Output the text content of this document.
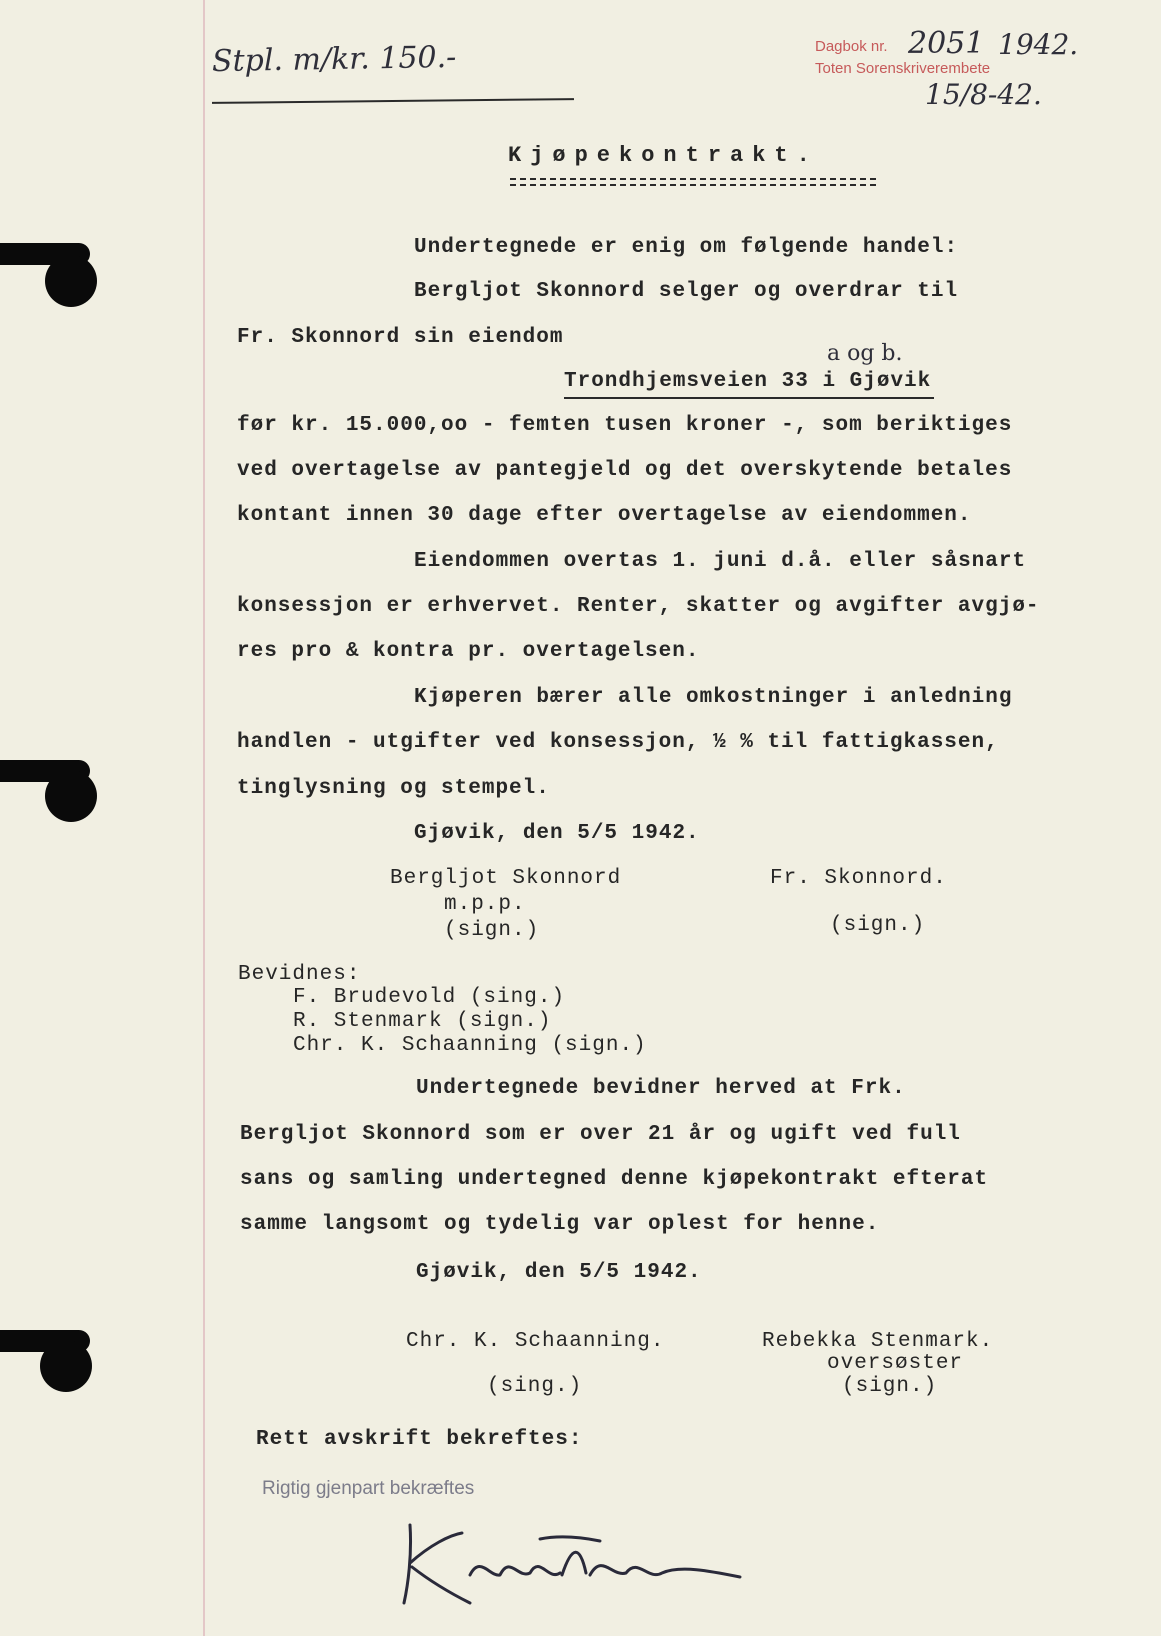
Stpl. m/kr. 150.-	Dagbok nr. 2051 1942.
Toten Sorenskriverembete
15/8-42.
Kjøpekontrakt.
Undertegnede er enig om følgende handel:
Bergljot Skonnord selger og overdrar til
Fr. Skonnord sin eiendom
a og b.
Trondhjemsveien 33 i Gjøvik
før kr. 15.000,oo - femten tusen kroner -, som beriktiges
ved overtagelse av pantegjeld og det overskytende betales
kontant innen 30 dage efter overtagelse av eiendommen.
Eiendommen overtas 1. juni d.å. eller såsnart
konsessjon er erhvervet. Renter, skatter og avgifter avgjø-
res pro & kontra pr. overtagelsen.
Kjøperen bærer alle omkostninger i anledning
handlen - utgifter ved konsessjon, ½ % til fattigkassen,
tinglysning og stempel.
Gjøvik, den 5/5 1942.
Bergljot Skonnord
m.p.p.
(sign.)
Fr. Skonnord.
(sign.)
Bevidnes:
F. Brudevold (sing.)
R. Stenmark (sign.)
Chr. K. Schaanning (sign.)
Undertegnede bevidner herved at Frk.
Bergljot Skonnord som er over 21 år og ugift ved full
sans og samling undertegned denne kjøpekontrakt efterat
samme langsomt og tydelig var oplest for henne.
Gjøvik, den 5/5 1942.
Chr. K. Schaanning.
(sing.)
Rebekka Stenmark.
oversøster
(sign.)
Rett avskrift bekreftes:
Rigtig gjenpart bekræftes
